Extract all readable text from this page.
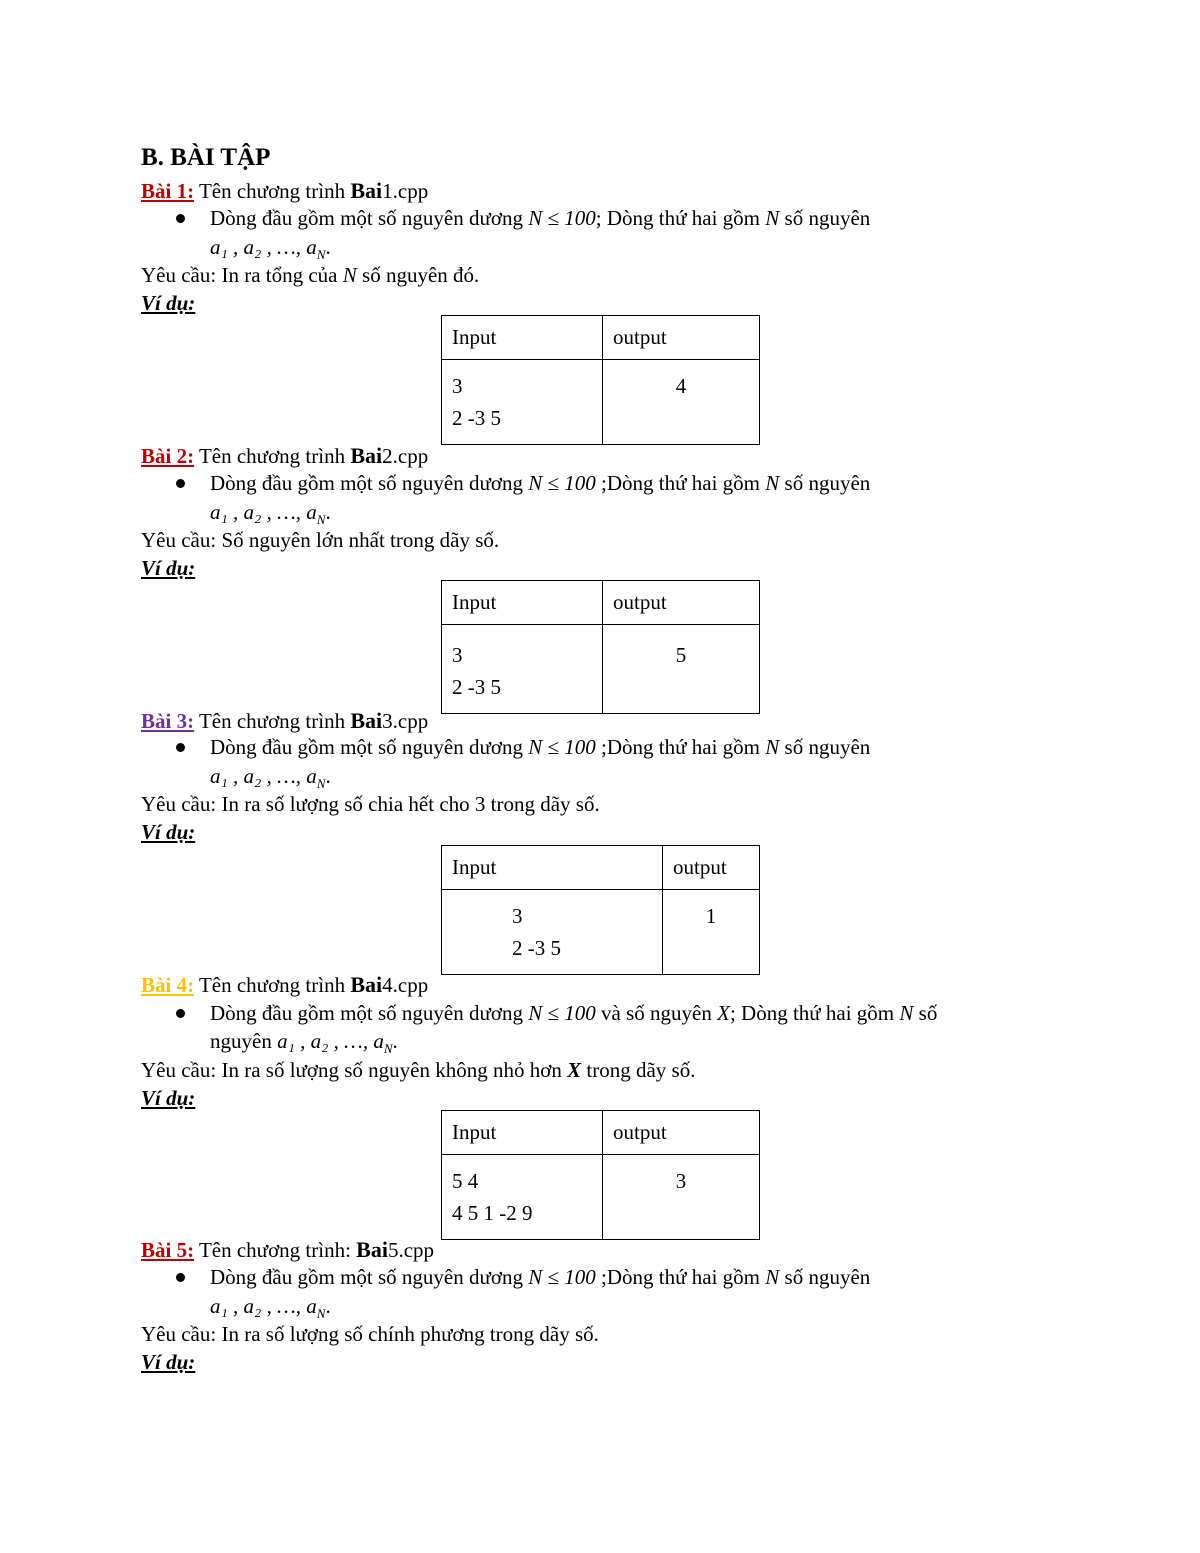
B. BÀI TẬP
Bài 1: Tên chương trình Bai1.cpp
Dòng đầu gồm một số nguyên dương N ≤ 100; Dòng thứ hai gồm N số nguyên
a₁ , a₂ , …, $a_N$.
Yêu cầu: In ra tổng của N số nguyên đó.
Ví dụ:
Input	output
3
2 -3 5	4
Bài 2: Tên chương trình Bai2.cpp
Dòng đầu gồm một số nguyên dương N ≤ 100 ;Dòng thứ hai gồm N số nguyên
a₁ , a₂ , …, $a_N$.
Yêu cầu: Số nguyên lớn nhất trong dãy số.
Ví dụ:
Input	output
3
2 -3 5	5
Bài 3: Tên chương trình Bai3.cpp
Dòng đầu gồm một số nguyên dương N ≤ 100 ;Dòng thứ hai gồm N số nguyên
a₁ , a₂ , …, $a_N$.
Yêu cầu: In ra số lượng số chia hết cho 3 trong dãy số.
Ví dụ:
Input	output
3
2 -3 5	1
Bài 4: Tên chương trình Bai4.cpp
Dòng đầu gồm một số nguyên dương N ≤ 100 và số nguyên X; Dòng thứ hai gồm N số
nguyên a₁ , a₂ , …, $a_N$.
Yêu cầu: In ra số lượng số nguyên không nhỏ hơn X trong dãy số.
Ví dụ:
Input	output
5 4
4 5 1 -2 9	3
Bài 5: Tên chương trình: Bai5.cpp
Dòng đầu gồm một số nguyên dương N ≤ 100 ;Dòng thứ hai gồm N số nguyên
a₁ , a₂ , …, $a_N$.
Yêu cầu: In ra số lượng số chính phương trong dãy số.
Ví dụ:
